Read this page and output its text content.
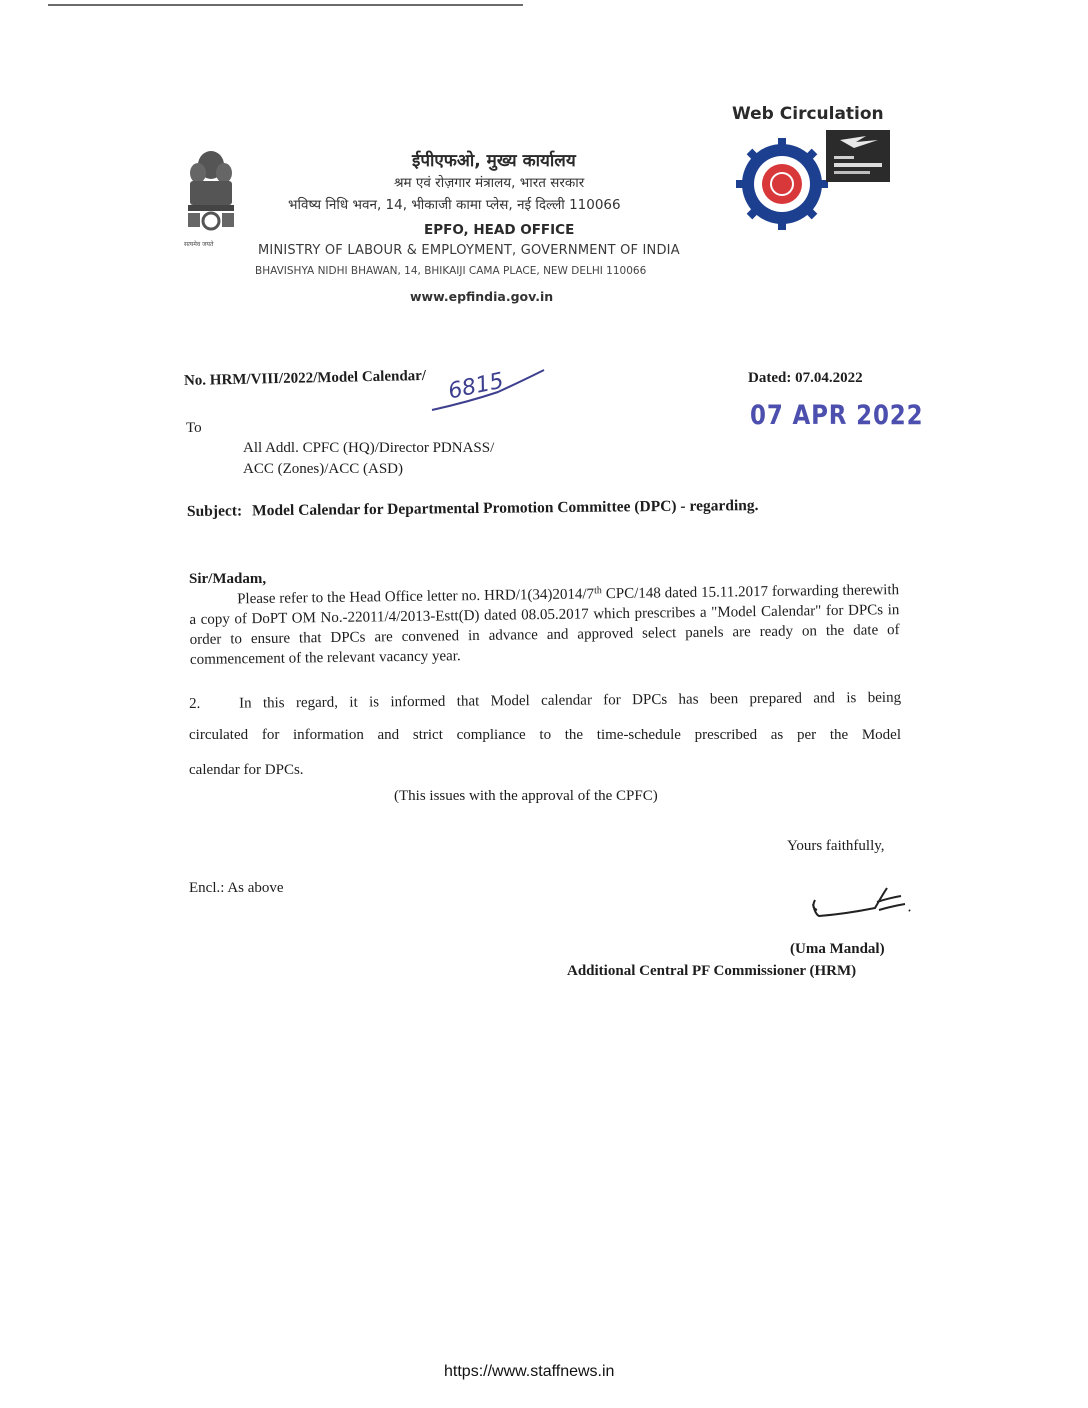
Web Circulation
सत्यमेव जयते
ईपीएफओ, मुख्य कार्यालय
श्रम एवं रोज़गार मंत्रालय, भारत सरकार
भविष्य निधि भवन, 14, भीकाजी कामा प्लेस, नई दिल्ली 110066
EPFO, HEAD OFFICE
MINISTRY OF LABOUR & EMPLOYMENT, GOVERNMENT OF INDIA
BHAVISHYA NIDHI BHAWAN, 14, BHIKAIJI CAMA PLACE, NEW DELHI 110066
www.epfindia.gov.in
No. HRM/VIII/2022/Model Calendar/ 6815	Dated: 07.04.2022
07 APR 2022
To
All Addl. CPFC (HQ)/Director PDNASS/
ACC (Zones)/ACC (ASD)
Subject: Model Calendar for Departmental Promotion Committee (DPC) - regarding.
Sir/Madam,
Please refer to the Head Office letter no. HRD/1(34)2014/7th CPC/148 dated 15.11.2017 forwarding therewith a copy of DoPT OM No.-22011/4/2013-Estt(D) dated 08.05.2017 which prescribes a "Model Calendar" for DPCs in order to ensure that DPCs are convened in advance and approved select panels are ready on the date of commencement of the relevant vacancy year.
2.	In this regard, it is informed that Model calendar for DPCs has been prepared and is being
circulated for information and strict compliance to the time-schedule prescribed as per the Model
calendar for DPCs.
(This issues with the approval of the CPFC)
Yours faithfully,
Encl.: As above
(Uma Mandal)
Additional Central PF Commissioner (HRM)
https://www.staffnews.in
